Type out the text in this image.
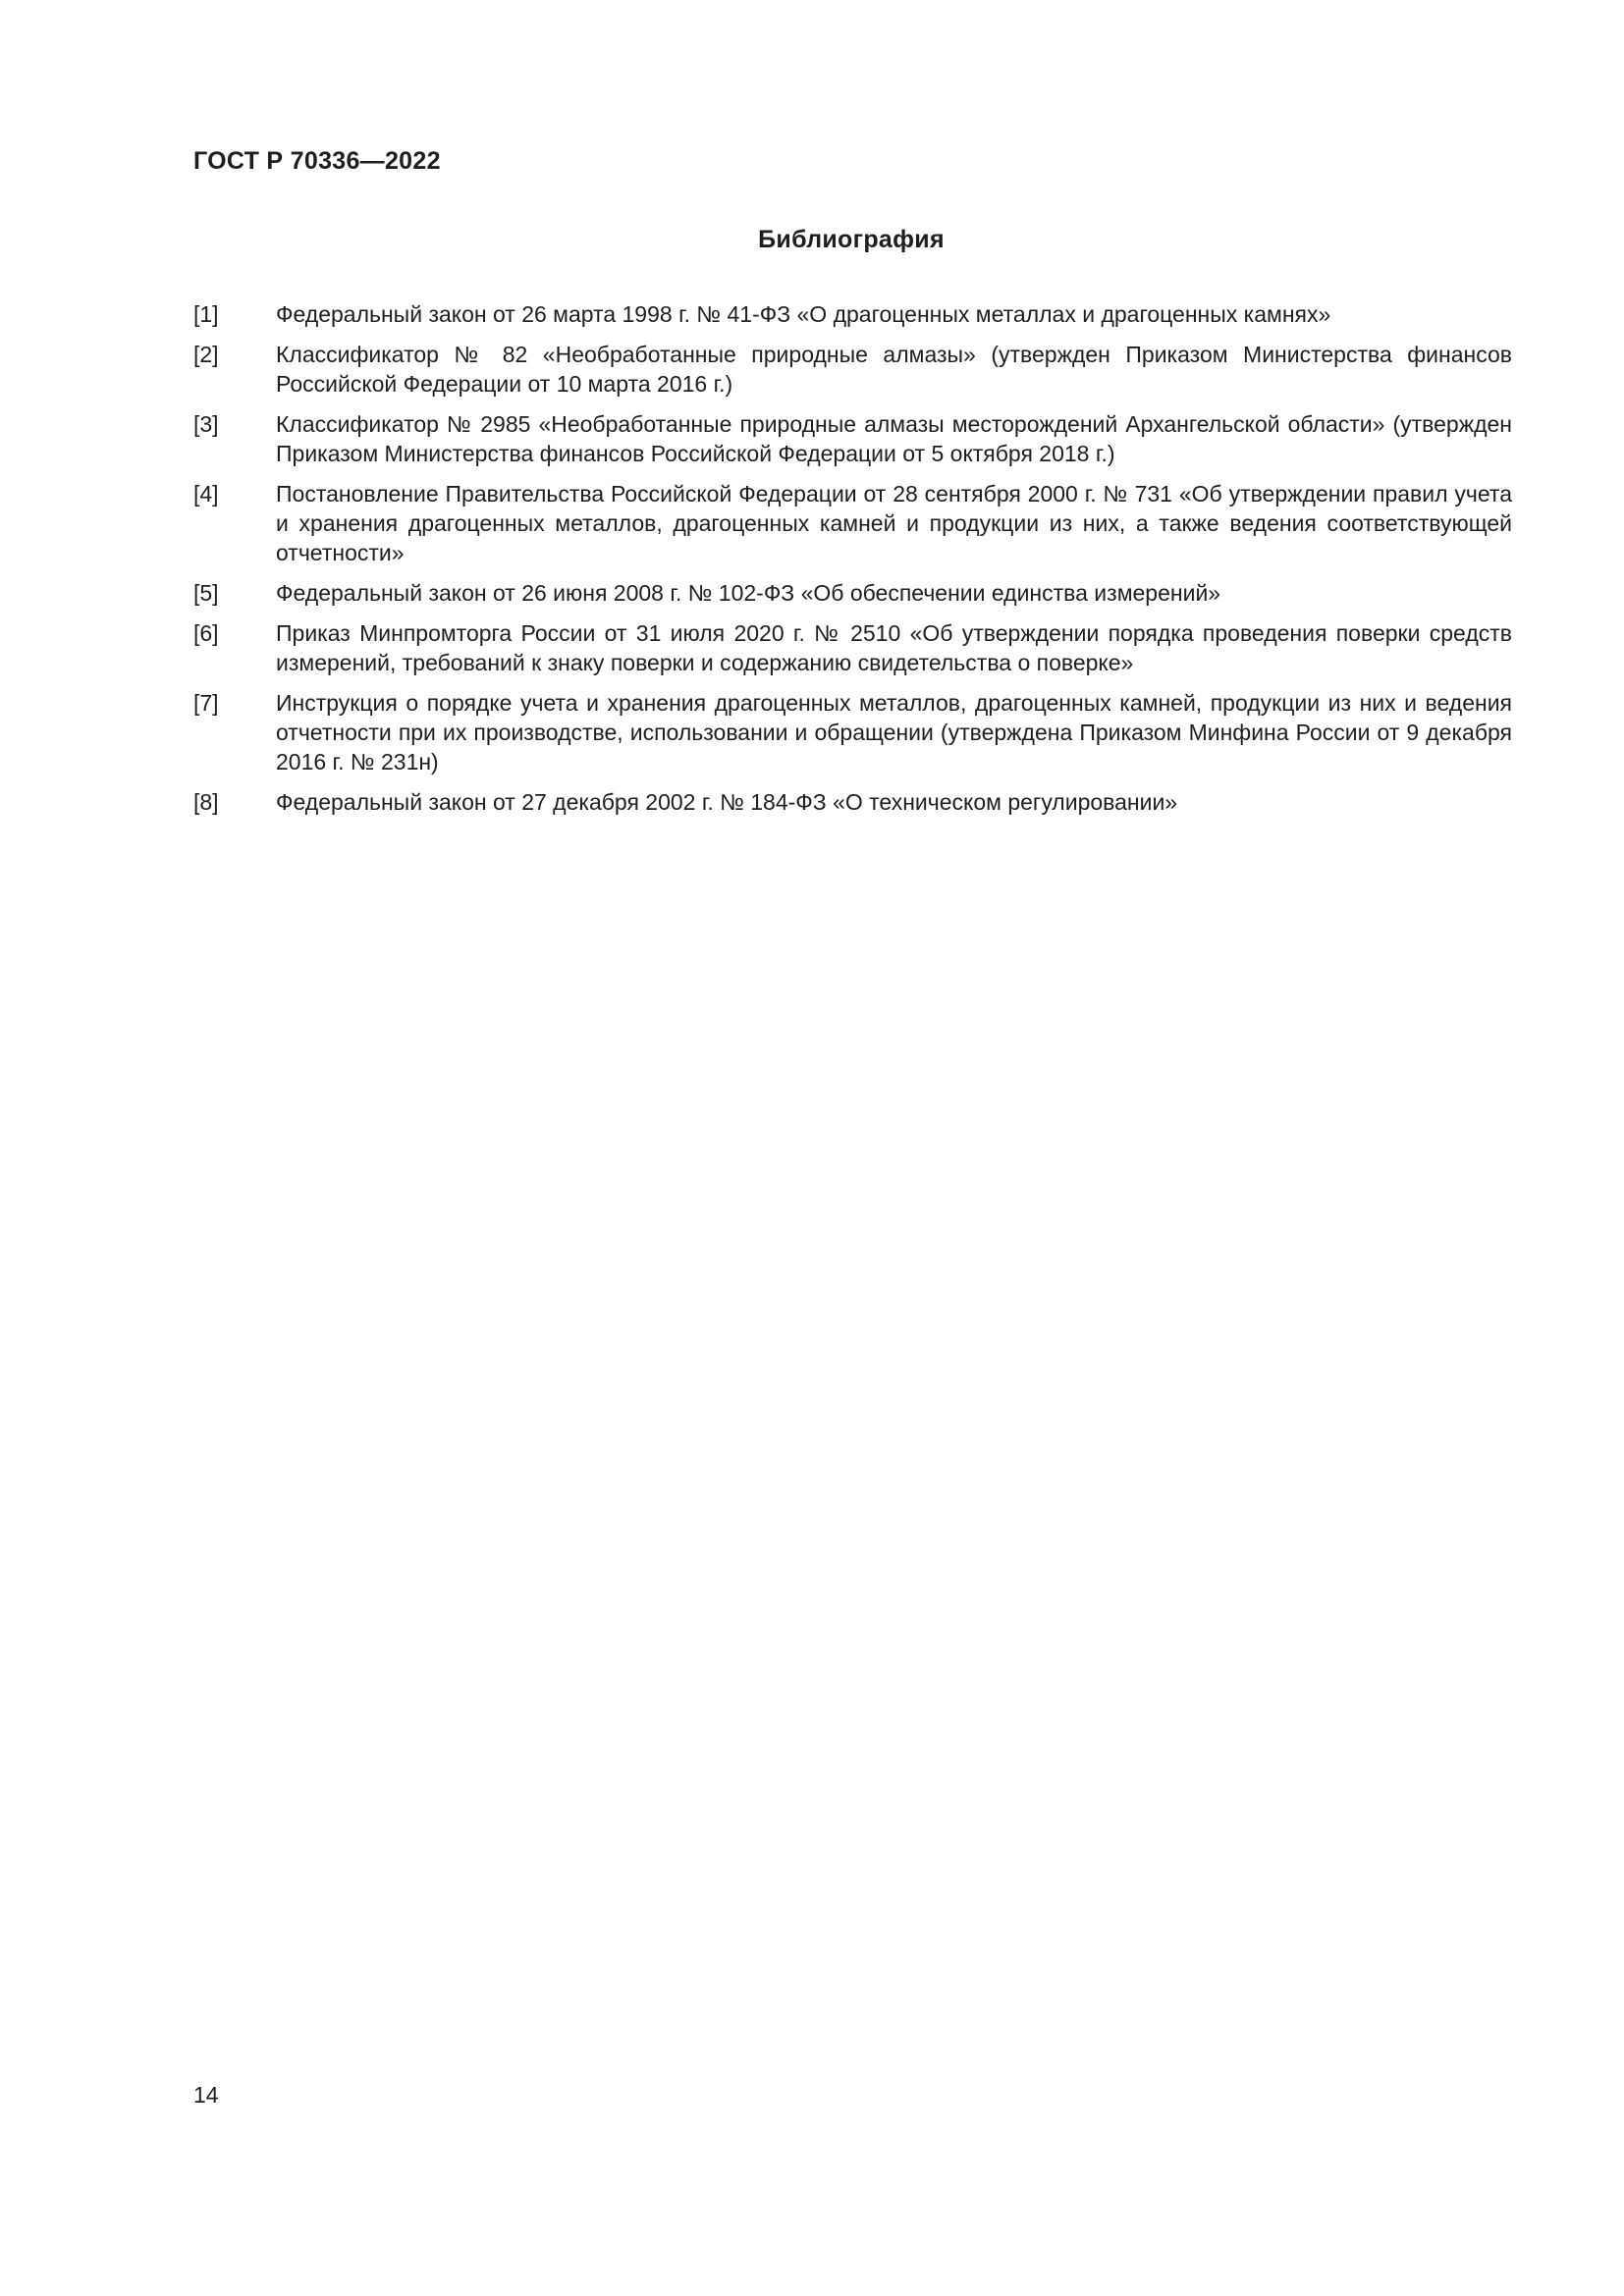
ГОСТ Р 70336—2022
Библиография
[1]	Федеральный закон от 26 марта 1998 г. № 41-ФЗ «О драгоценных металлах и драгоценных камнях»
[2]	Классификатор № 82 «Необработанные природные алмазы» (утвержден Приказом Министерства финансов Российской Федерации от 10 марта 2016 г.)
[3]	Классификатор № 2985 «Необработанные природные алмазы месторождений Архангельской области» (утвержден Приказом Министерства финансов Российской Федерации от 5 октября 2018 г.)
[4]	Постановление Правительства Российской Федерации от 28 сентября 2000 г. № 731 «Об утверждении правил учета и хранения драгоценных металлов, драгоценных камней и продукции из них, а также ведения соответствующей отчетности»
[5]	Федеральный закон от 26 июня 2008 г. № 102-ФЗ «Об обеспечении единства измерений»
[6]	Приказ Минпромторга России от 31 июля 2020 г. № 2510 «Об утверждении порядка проведения поверки средств измерений, требований к знаку поверки и содержанию свидетельства о поверке»
[7]	Инструкция о порядке учета и хранения драгоценных металлов, драгоценных камней, продукции из них и ведения отчетности при их производстве, использовании и обращении (утверждена Приказом Минфина России от 9 декабря 2016 г. № 231н)
[8]	Федеральный закон от 27 декабря 2002 г. № 184-ФЗ «О техническом регулировании»
14
